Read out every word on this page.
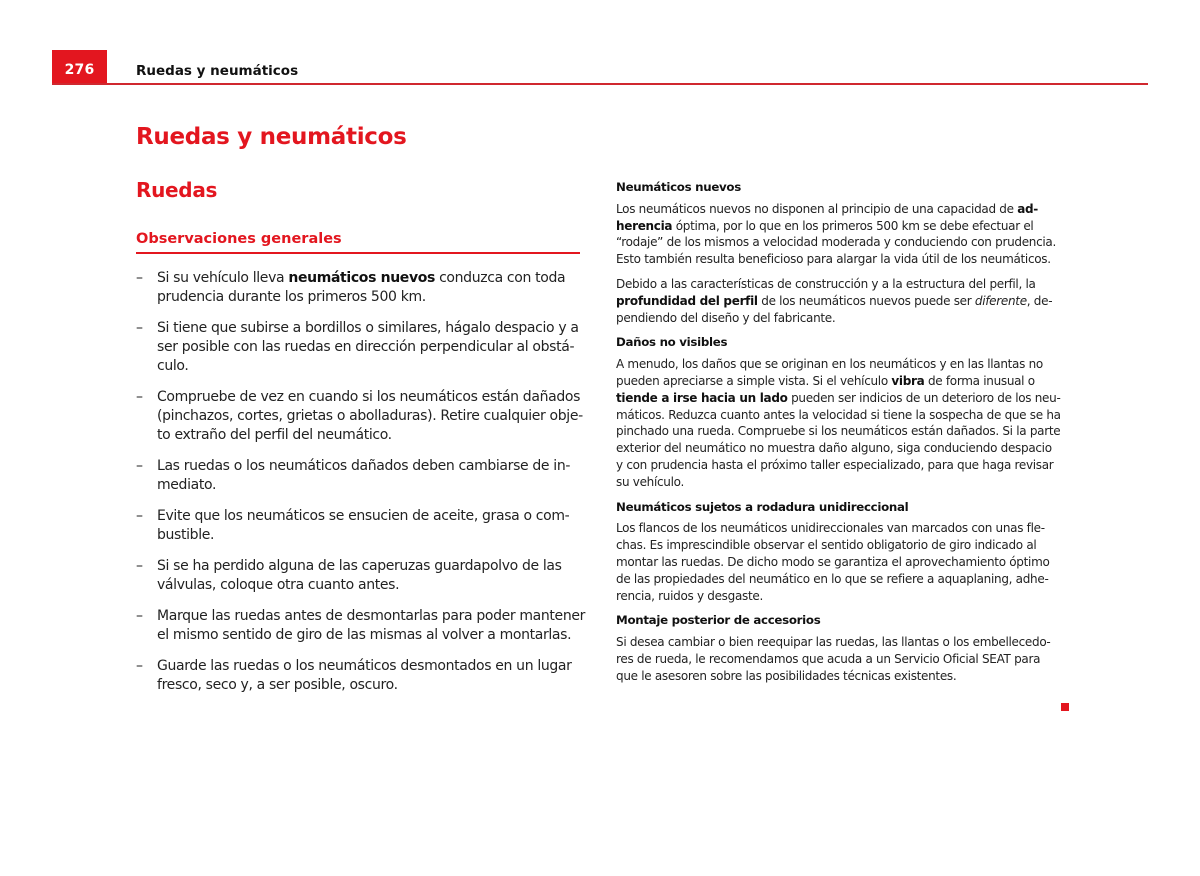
276	Ruedas y neumáticos
Ruedas y neumáticos
Ruedas
Observaciones generales
– Si su vehículo lleva neumáticos nuevos conduzca con toda prudencia durante los primeros 500 km.
– Si tiene que subirse a bordillos o similares, hágalo despacio y a ser posible con las ruedas en dirección perpendicular al obstáculo.
– Compruebe de vez en cuando si los neumáticos están dañados (pinchazos, cortes, grietas o abolladuras). Retire cualquier objeto extraño del perfil del neumático.
– Las ruedas o los neumáticos dañados deben cambiarse de inmediato.
– Evite que los neumáticos se ensucien de aceite, grasa o combustible.
– Si se ha perdido alguna de las caperuzas guardapolvo de las válvulas, coloque otra cuanto antes.
– Marque las ruedas antes de desmontarlas para poder mantener el mismo sentido de giro de las mismas al volver a montarlas.
– Guarde las ruedas o los neumáticos desmontados en un lugar fresco, seco y, a ser posible, oscuro.
Neumáticos nuevos

Los neumáticos nuevos no disponen al principio de una capacidad de adherencia óptima, por lo que en los primeros 500 km se debe efectuar el “rodaje” de los mismos a velocidad moderada y conduciendo con prudencia. Esto también resulta beneficioso para alargar la vida útil de los neumáticos.

Debido a las características de construcción y a la estructura del perfil, la profundidad del perfil de los neumáticos nuevos puede ser diferente, dependiendo del diseño y del fabricante.

Daños no visibles

A menudo, los daños que se originan en los neumáticos y en las llantas no pueden apreciarse a simple vista. Si el vehículo vibra de forma inusual o tiende a irse hacia un lado pueden ser indicios de un deterioro de los neumáticos. Reduzca cuanto antes la velocidad si tiene la sospecha de que se ha pinchado una rueda. Compruebe si los neumáticos están dañados. Si la parte exterior del neumático no muestra daño alguno, siga conduciendo despacio y con prudencia hasta el próximo taller especializado, para que haga revisar su vehículo.

Neumáticos sujetos a rodadura unidireccional

Los flancos de los neumáticos unidireccionales van marcados con unas flechas. Es imprescindible observar el sentido obligatorio de giro indicado al montar las ruedas. De dicho modo se garantiza el aprovechamiento óptimo de las propiedades del neumático en lo que se refiere a aquaplaning, adherencia, ruidos y desgaste.

Montaje posterior de accesorios

Si desea cambiar o bien reequipar las ruedas, las llantas o los embellecedores de rueda, le recomendamos que acuda a un Servicio Oficial SEAT para que le asesoren sobre las posibilidades técnicas existentes.
